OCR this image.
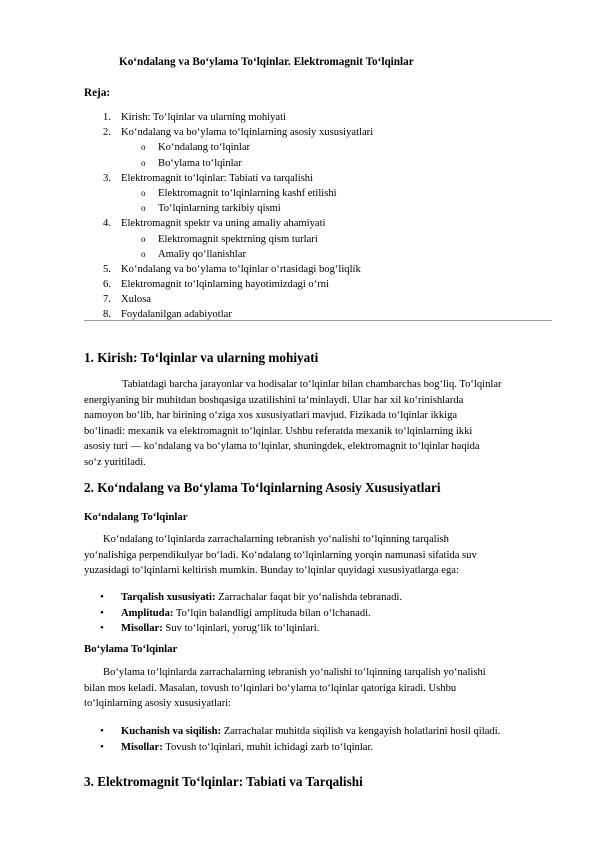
Ko‘ndalang va Bo‘ylama To‘lqinlar. Elektromagnit To‘lqinlar
Reja:
1. Kirish: To‘lqinlar va ularning mohiyati
2. Ko‘ndalang va bo‘ylama to‘lqinlarning asosiy xususiyatlari
o Ko‘ndalang to‘lqinlar
o Bo‘ylama to‘lqinlar
3. Elektromagnit to‘lqinlar: Tabiati va tarqalishi
o Elektromagnit to‘lqinlarning kashf etilishi
o To‘lqinlarning tarkibiy qismi
4. Elektromagnit spektr va uning amaliy ahamiyati
o Elektromagnit spektrning qism turlari
o Amaliy qo‘llanishlar
5. Ko‘ndalang va bo‘ylama to‘lqinlar o‘rtasidagi bog‘liqlik
6. Elektromagnit to‘lqinlarning hayotimizdagi o‘rni
7. Xulosa
8. Foydalanilgan adabiyotlar
1. Kirish: To‘lqinlar va ularning mohiyati
Tabiatdagi barcha jarayonlar va hodisalar to‘lqinlar bilan chambarchas bog‘liq. To‘lqinlar
energiyaning bir muhitdan boshqasiga uzatilishini ta‘minlaydi. Ular har xil ko‘rinishlarda
namoyon bo‘lib, har birining o‘ziga xos xususiyatlari mavjud. Fizikada to‘lqinlar ikkiga
bo‘linadi: mexanik va elektromagnit to‘lqinlar. Ushbu referatda mexanik to‘lqinlarning ikki
asosiy turi — ko‘ndalang va bo‘ylama to‘lqinlar, shuningdek, elektromagnit to‘lqinlar haqida
so‘z yuritiladi.
2. Ko‘ndalang va Bo‘ylama To‘lqinlarning Asosiy Xususiyatlari
Ko‘ndalang To‘lqinlar
Ko‘ndalang to‘lqinlarda zarrachalarning tebranish yo‘nalishi to‘lqinning tarqalish
yo‘nalishiga perpendikulyar bo‘ladi. Ko‘ndalang to‘lqinlarning yorqin namunasi sifatida suv
yuzasidagi to‘lqinlarni keltirish mumkin. Bunday to‘lqinlar quyidagi xususiyatlarga ega:
• Tarqalish xususiyati: Zarrachalar faqat bir yo‘nalishda tebranadi.
• Amplituda: To‘lqin balandligi amplituda bilan o‘lchanadi.
• Misollar: Suv to‘lqinlari, yorug‘lik to‘lqinlari.
Bo‘ylama To‘lqinlar
Bo‘ylama to‘lqinlarda zarrachalarning tebranish yo‘nalishi to‘lqinning tarqalish yo‘nalishi
bilan mos keladi. Masalan, tovush to‘lqinlari bo‘ylama to‘lqinlar qatoriga kiradi. Ushbu
to‘lqinlarning asosiy xususiyatlari:
• Kuchanish va siqilish: Zarrachalar muhitda siqilish va kengayish holatlarini hosil qiladi.
• Misollar: Tovush to‘lqinlari, muhit ichidagi zarb to‘lqinlar.
3. Elektromagnit To‘lqinlar: Tabiati va Tarqalishi
